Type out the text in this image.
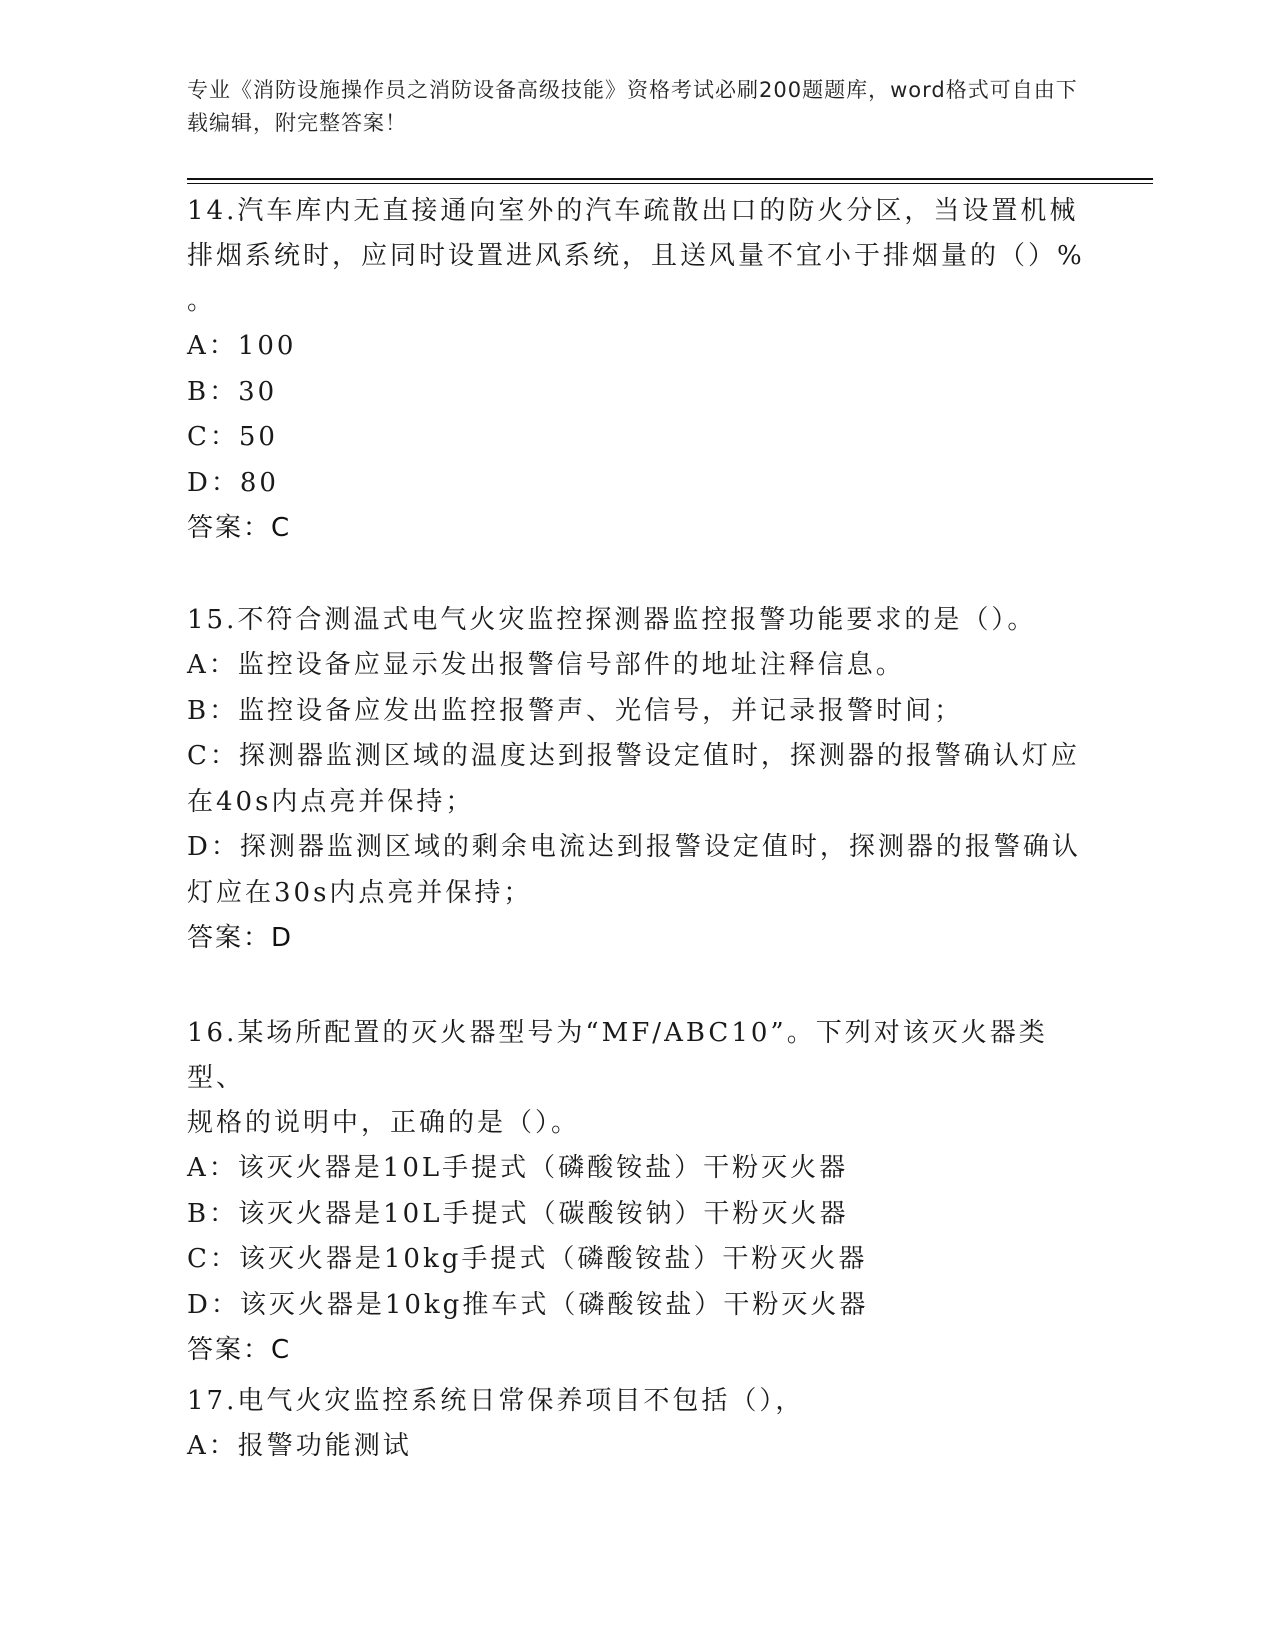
专业《消防设施操作员之消防设备高级技能》资格考试必刷200题题库，word格式可自由下载编辑，附完整答案！
14.汽车库内无直接通向室外的汽车疏散出口的防火分区，当设置机械
排烟系统时，应同时设置进风系统，且送风量不宜小于排烟量的（）%
。
A：100
B：30
C：50
D：80
答案：C
15.不符合测温式电气火灾监控探测器监控报警功能要求的是（）。
A：监控设备应显示发出报警信号部件的地址注释信息。
B：监控设备应发出监控报警声、光信号，并记录报警时间；
C：探测器监测区域的温度达到报警设定值时，探测器的报警确认灯应在40s内点亮并保持；
D：探测器监测区域的剩余电流达到报警设定值时，探测器的报警确认灯应在30s内点亮并保持；
答案：D
16.某场所配置的灭火器型号为“MF/ABC10”。下列对该灭火器类型、
规格的说明中，正确的是（）。
A：该灭火器是10L手提式（磷酸铵盐）干粉灭火器
B：该灭火器是10L手提式（碳酸铵钠）干粉灭火器
C：该灭火器是10kg手提式（磷酸铵盐）干粉灭火器
D：该灭火器是10kg推车式（磷酸铵盐）干粉灭火器
答案：C
17.电气火灾监控系统日常保养项目不包括（），
A：报警功能测试
